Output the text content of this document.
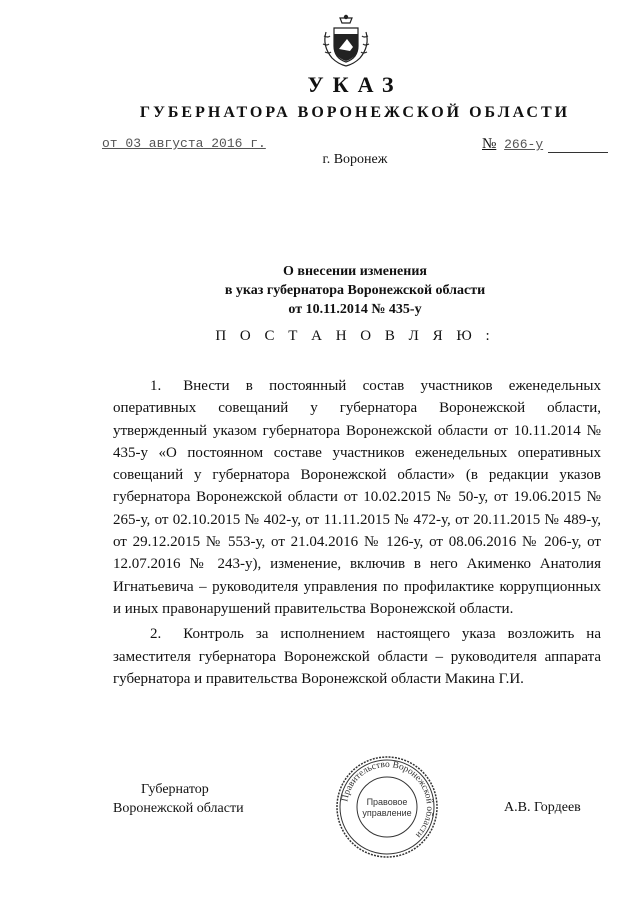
УКАЗ
ГУБЕРНАТОРА ВОРОНЕЖСКОЙ ОБЛАСТИ
от 03 августа 2016 г.	№ 266-у
г. Воронеж
О внесении изменения
в указ губернатора Воронежской области
от 10.11.2014 № 435-у
П О С Т А Н О В Л Я Ю :

1. Внести в постоянный состав участников еженедельных оперативных совещаний у губернатора Воронежской области, утвержденный указом губернатора Воронежской области от 10.11.2014 № 435-у «О постоянном составе участников еженедельных оперативных совещаний у губернатора Воронежской области» (в редакции указов губернатора Воронежской области от 10.02.2015 № 50-у, от 19.06.2015 № 265-у, от 02.10.2015 № 402-у, от 11.11.2015 № 472-у, от 20.11.2015 № 489-у, от 29.12.2015 № 553-у, от 21.04.2016 № 126-у, от 08.06.2016 № 206-у, от 12.07.2016 № 243-у), изменение, включив в него Акименко Анатолия Игнатьевича – руководителя управления по профилактике коррупционных и иных правонарушений правительства Воронежской области.

2. Контроль за исполнением настоящего указа возложить на заместителя губернатора Воронежской области – руководителя аппарата губернатора и правительства Воронежской области Макина Г.И.

Губернатор
Воронежской области
Правительство Воронежской области
Правовое
управление	А.В. Гордеев
